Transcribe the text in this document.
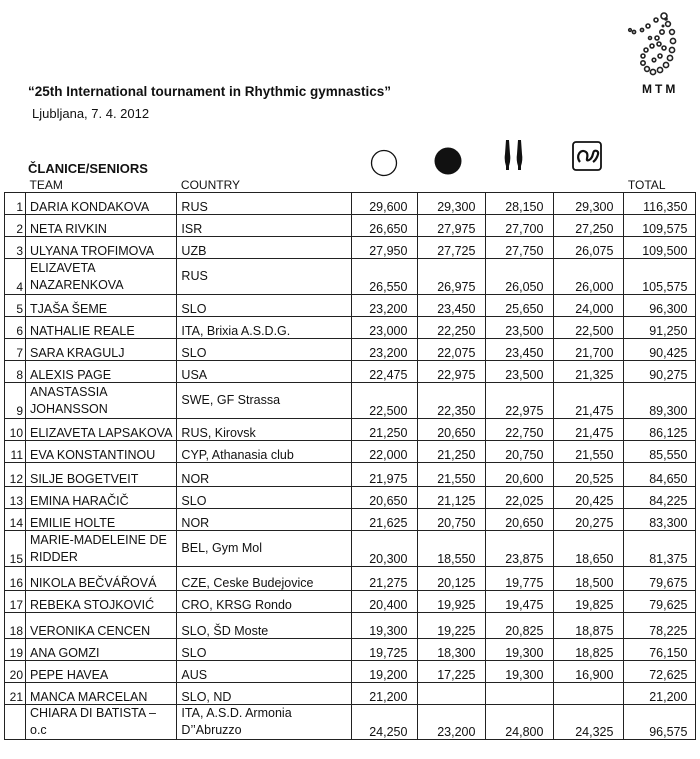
MTM
“25th International tournament in Rhythmic gymnastics”
Ljubljana, 7. 4. 2012
ČLANICE/SENIORS
	TEAM	COUNTRY					TOTAL
1	DARIA KONDAKOVA	RUS	29,600	29,300	28,150	29,300	116,350
2	NETA RIVKIN	ISR	26,650	27,975	27,700	27,250	109,575
3	ULYANA TROFIMOVA	UZB	27,950	27,725	27,750	26,075	109,500
4	ELIZAVETA NAZARENKOVA	RUS	26,550	26,975	26,050	26,000	105,575
5	TJAŠA ŠEME	SLO	23,200	23,450	25,650	24,000	96,300
6	NATHALIE REALE	ITA, Brixia A.S.D.G.	23,000	22,250	23,500	22,500	91,250
7	SARA KRAGULJ	SLO	23,200	22,075	23,450	21,700	90,425
8	ALEXIS PAGE	USA	22,475	22,975	23,500	21,325	90,275
9	ANASTASSIA JOHANSSON	SWE, GF Strassa	22,500	22,350	22,975	21,475	89,300
10	ELIZAVETA LAPSAKOVA	RUS, Kirovsk	21,250	20,650	22,750	21,475	86,125
11	EVA KONSTANTINOU	CYP, Athanasia club	22,000	21,250	20,750	21,550	85,550
12	SILJE BOGETVEIT	NOR	21,975	21,550	20,600	20,525	84,650
13	EMINA HARAČIČ	SLO	20,650	21,125	22,025	20,425	84,225
14	EMILIE HOLTE	NOR	21,625	20,750	20,650	20,275	83,300
15	MARIE-MADELEINE DE RIDDER	BEL, Gym Mol	20,300	18,550	23,875	18,650	81,375
16	NIKOLA BEČVÁŘOVÁ	CZE, Ceske Budejovice	21,275	20,125	19,775	18,500	79,675
17	REBEKA STOJKOVIĆ	CRO, KRSG Rondo	20,400	19,925	19,475	19,825	79,625
18	VERONIKA CENCEN	SLO, ŠD Moste	19,300	19,225	20,825	18,875	78,225
19	ANA GOMZI	SLO	19,725	18,300	19,300	18,825	76,150
20	PEPE HAVEA	AUS	19,200	17,225	19,300	16,900	72,625
21	MANCA MARCELAN	SLO, ND	21,200				21,200
	CHIARA DI BATISTA – o.c	ITA, A.S.D. Armonia D’’Abruzzo	24,250	23,200	24,800	24,325	96,575
